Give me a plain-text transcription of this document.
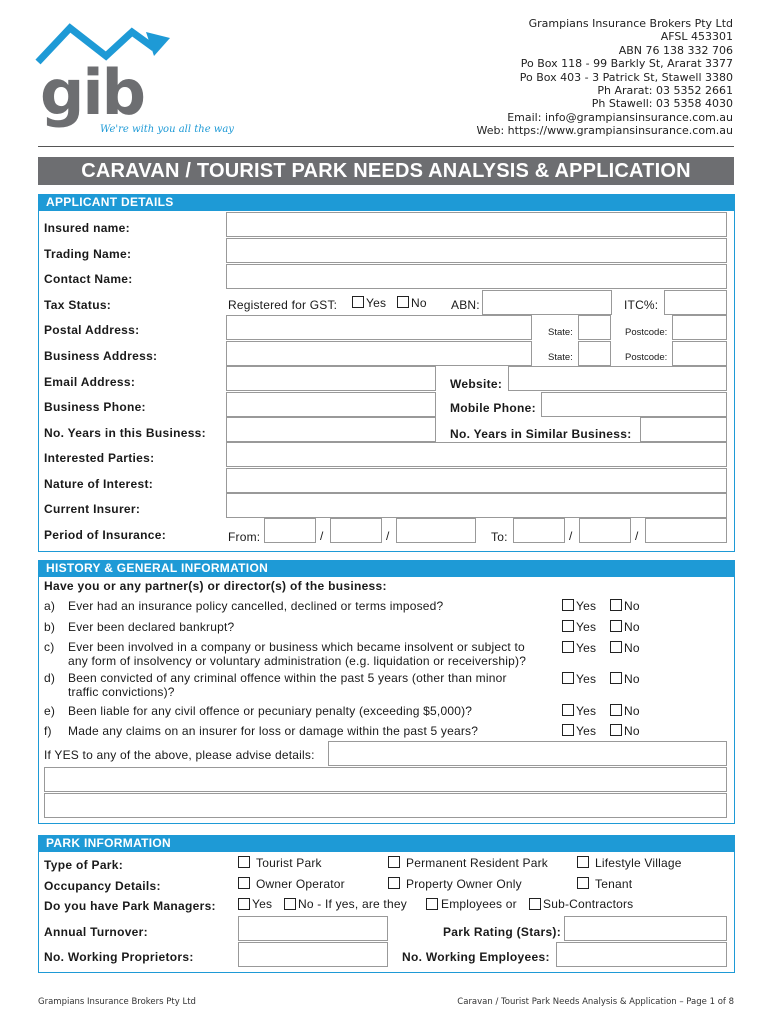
gib
We're with you all the way
Grampians Insurance Brokers Pty Ltd
AFSL 453301
ABN 76 138 332 706
Po Box 118 - 99 Barkly St, Ararat 3377
Po Box 403 - 3 Patrick St, Stawell 3380
Ph Ararat: 03 5352 2661
Ph Stawell: 03 5358 4030
Email: info@grampiansinsurance.com.au
Web: https://www.grampiansinsurance.com.au
CARAVAN / TOURIST PARK NEEDS ANALYSIS & APPLICATION
APPLICANT DETAILS
Insured name:
Trading Name:
Contact Name:
Tax Status:	Registered for GST: Yes No ABN:	ITC%:
Postal Address:	State:	Postcode:
Business Address:	State:	Postcode:
Email Address:	Website:
Business Phone:	Mobile Phone:
No. Years in this Business:	No. Years in Similar Business:
Interested Parties:
Nature of Interest:
Current Insurer:
Period of Insurance:	From:	/	/	To:	/	/
HISTORY & GENERAL INFORMATION
Have you or any partner(s) or director(s) of the business:
a) Ever had an insurance policy cancelled, declined or terms imposed?	Yes No
b) Ever been declared bankrupt?	Yes No
c) Ever been involved in a company or business which became insolvent or subject to
any form of insolvency or voluntary administration (e.g. liquidation or receivership)?
Yes No
d) Been convicted of any criminal offence within the past 5 years (other than minor
traffic convictions)?
Yes No
e) Been liable for any civil offence or pecuniary penalty (exceeding $5,000)?	Yes No
f) Made any claims on an insurer for loss or damage within the past 5 years?	Yes No
If YES to any of the above, please advise details:
PARK INFORMATION
Type of Park:	Tourist Park	Permanent Resident Park	Lifestyle Village
Occupancy Details:	Owner Operator	Property Owner Only	Tenant
Do you have Park Managers:	Yes No - If yes, are they	Employees or Sub-Contractors
Annual Turnover:	Park Rating (Stars):
No. Working Proprietors:	No. Working Employees:
Grampians Insurance Brokers Pty Ltd	Caravan / Tourist Park Needs Analysis & Application – Page 1 of 8
